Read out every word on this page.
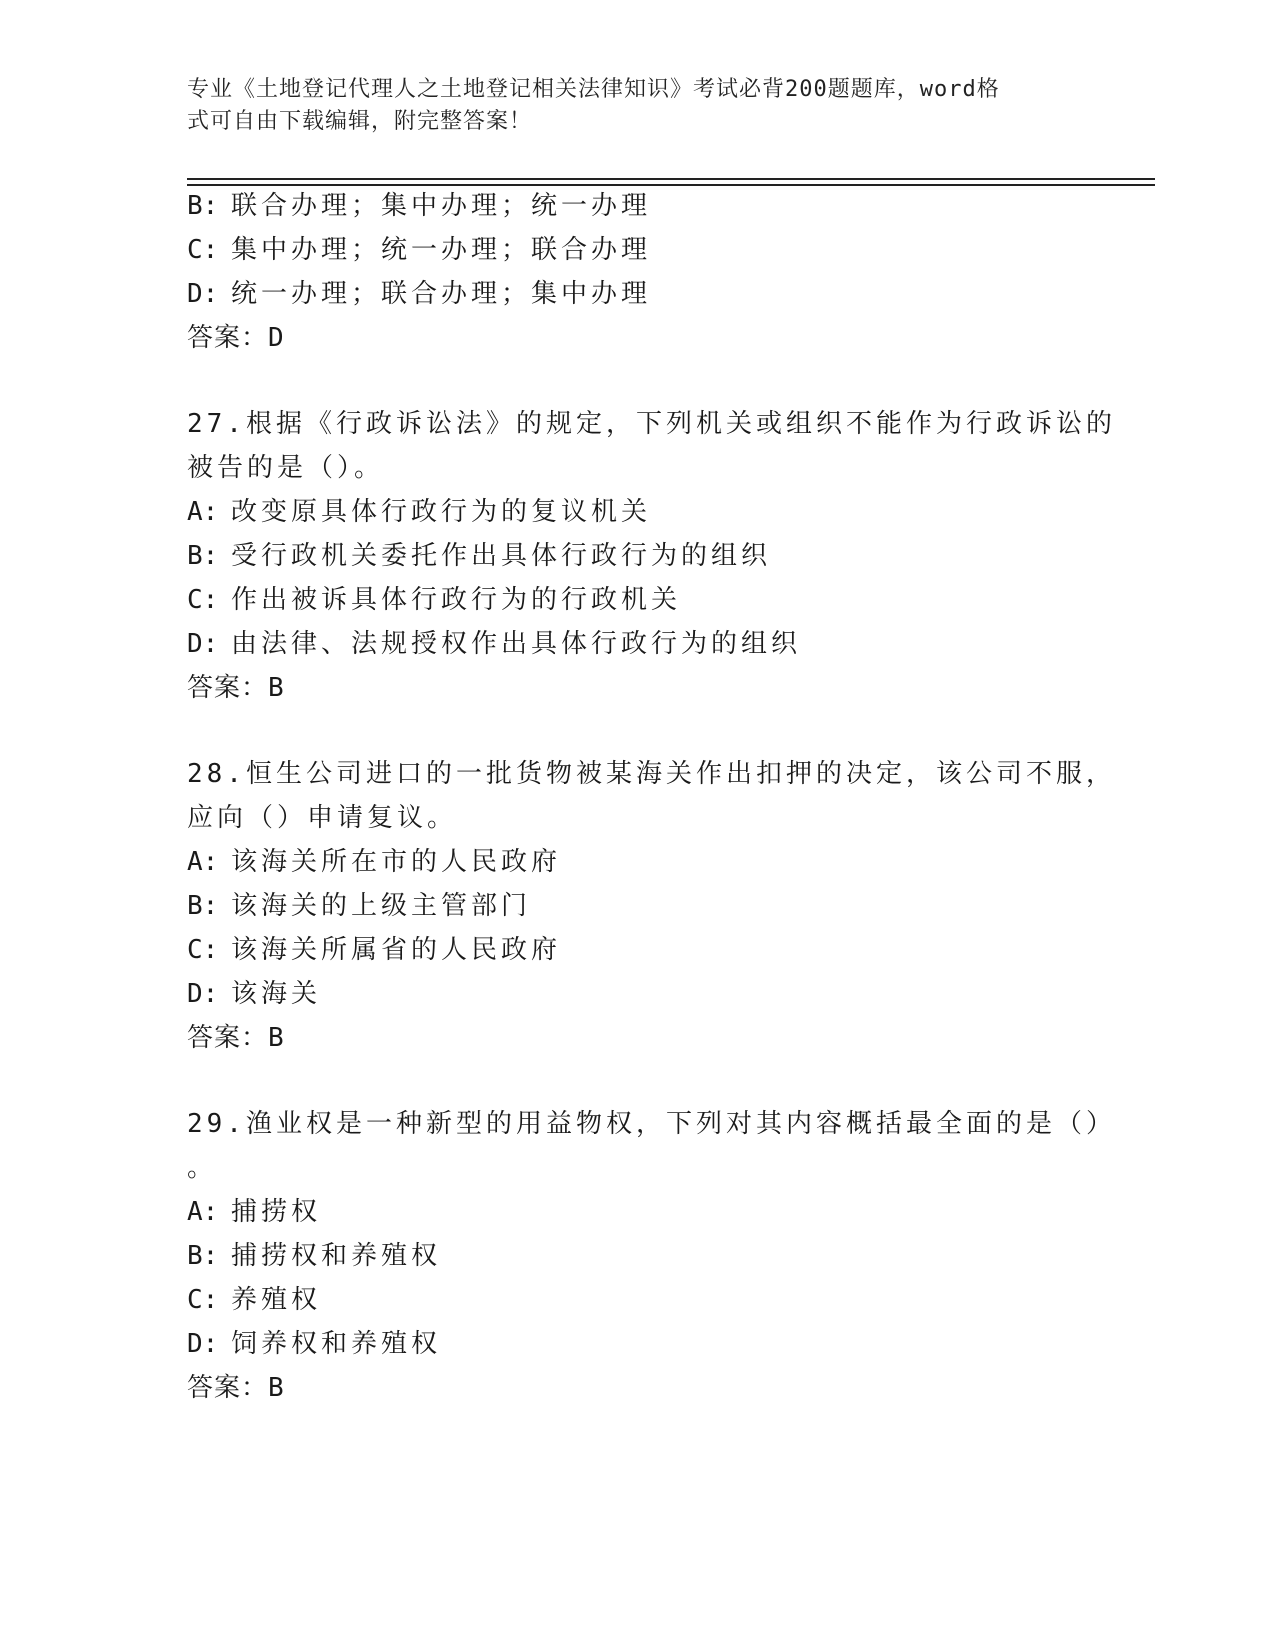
专业《土地登记代理人之土地登记相关法律知识》考试必背200题题库，word格
式可自由下载编辑，附完整答案！
B: 联合办理；集中办理；统一办理
C: 集中办理；统一办理；联合办理
D: 统一办理；联合办理；集中办理
答案：D
27.根据《行政诉讼法》的规定，下列机关或组织不能作为行政诉讼的
被告的是（）。
A: 改变原具体行政行为的复议机关
B: 受行政机关委托作出具体行政行为的组织
C: 作出被诉具体行政行为的行政机关
D: 由法律、法规授权作出具体行政行为的组织
答案：B
28.恒生公司进口的一批货物被某海关作出扣押的决定，该公司不服，
应向（）申请复议。
A: 该海关所在市的人民政府
B: 该海关的上级主管部门
C: 该海关所属省的人民政府
D: 该海关
答案：B
29.渔业权是一种新型的用益物权，下列对其内容概括最全面的是（）
。
A: 捕捞权
B: 捕捞权和养殖权
C: 养殖权
D: 饲养权和养殖权
答案：B
